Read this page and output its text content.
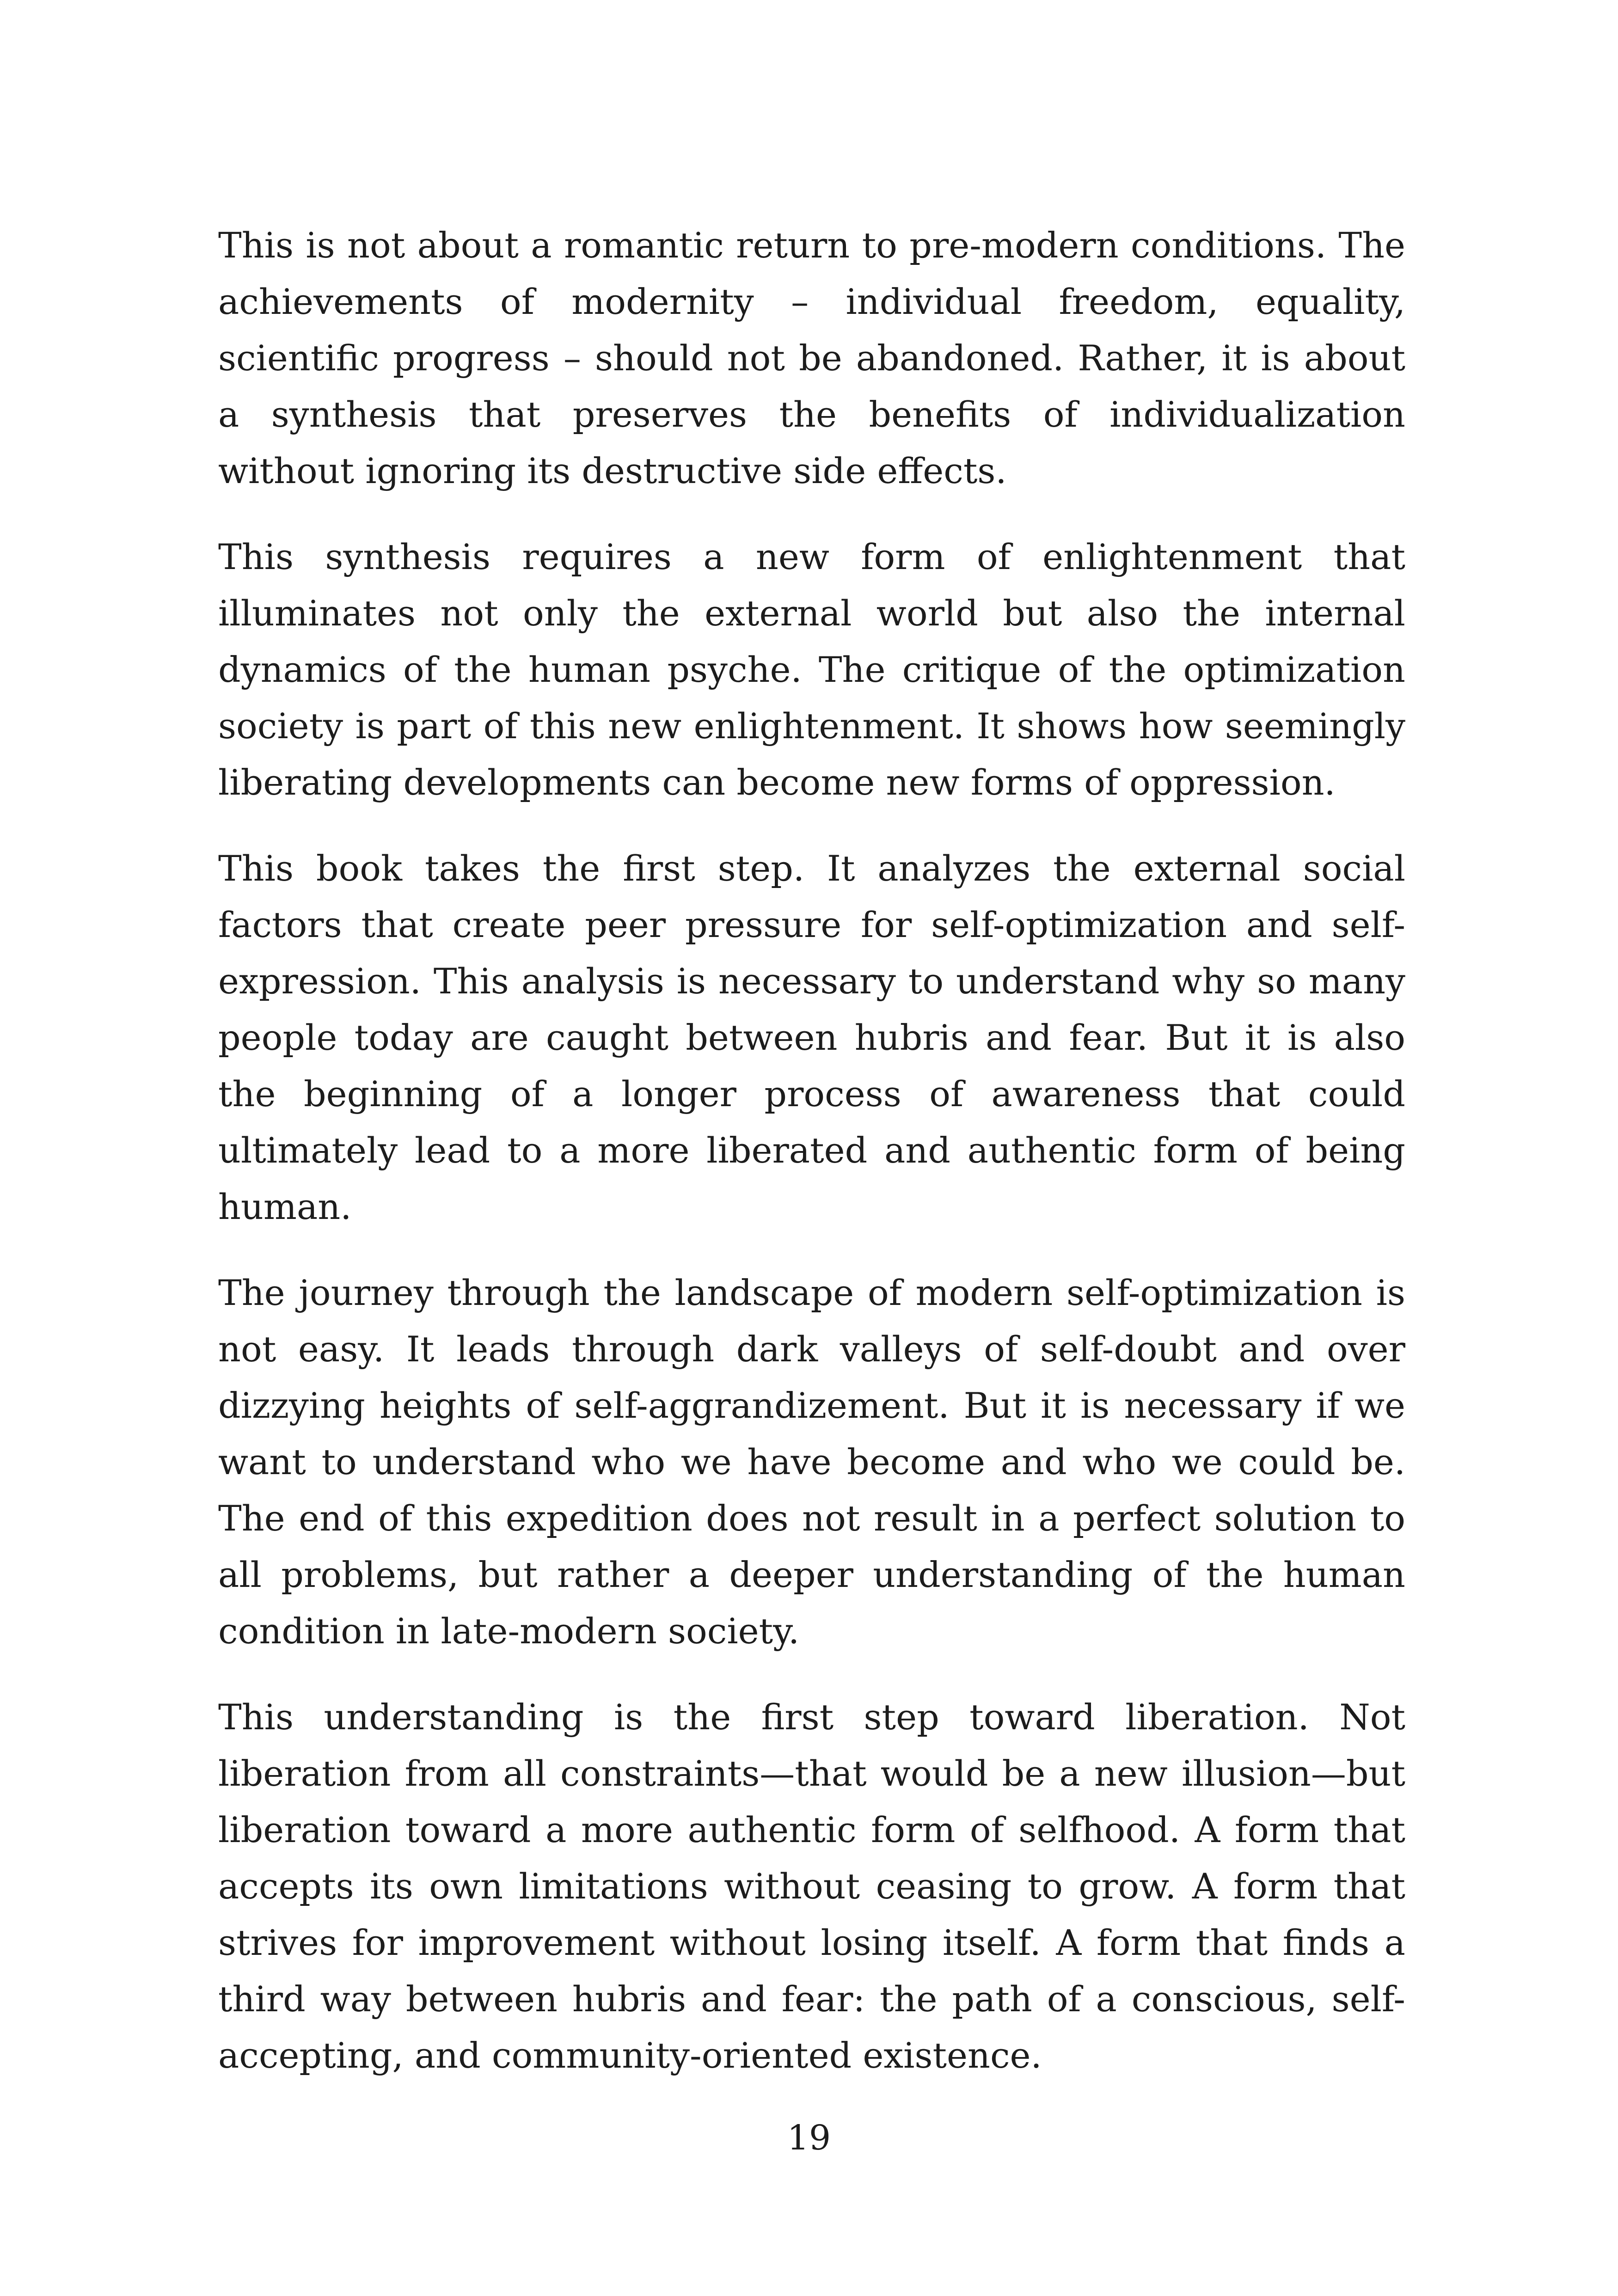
This is not about a romantic return to pre-modern conditions. The achievements of modernity – individual freedom, equality, scientific progress – should not be abandoned. Rather, it is about a synthesis that preserves the benefits of individualization without ignoring its destructive side effects.

This synthesis requires a new form of enlightenment that illuminates not only the external world but also the internal dynamics of the human psyche. The critique of the optimization society is part of this new enlightenment. It shows how seemingly liberating developments can become new forms of oppression.

This book takes the first step. It analyzes the external social factors that create peer pressure for self-optimization and self-expression. This analysis is necessary to understand why so many people today are caught between hubris and fear. But it is also the beginning of a longer process of awareness that could ultimately lead to a more liberated and authentic form of being human.

The journey through the landscape of modern self-optimization is not easy. It leads through dark valleys of self-doubt and over dizzying heights of self-aggrandizement. But it is necessary if we want to understand who we have become and who we could be. The end of this expedition does not result in a perfect solution to all problems, but rather a deeper understanding of the human condition in late-modern society.

This understanding is the first step toward liberation. Not liberation from all constraints—that would be a new illusion—but liberation toward a more authentic form of selfhood. A form that accepts its own limitations without ceasing to grow. A form that strives for improvement without losing itself. A form that finds a third way between hubris and fear: the path of a conscious, self-accepting, and community-oriented existence.

19
